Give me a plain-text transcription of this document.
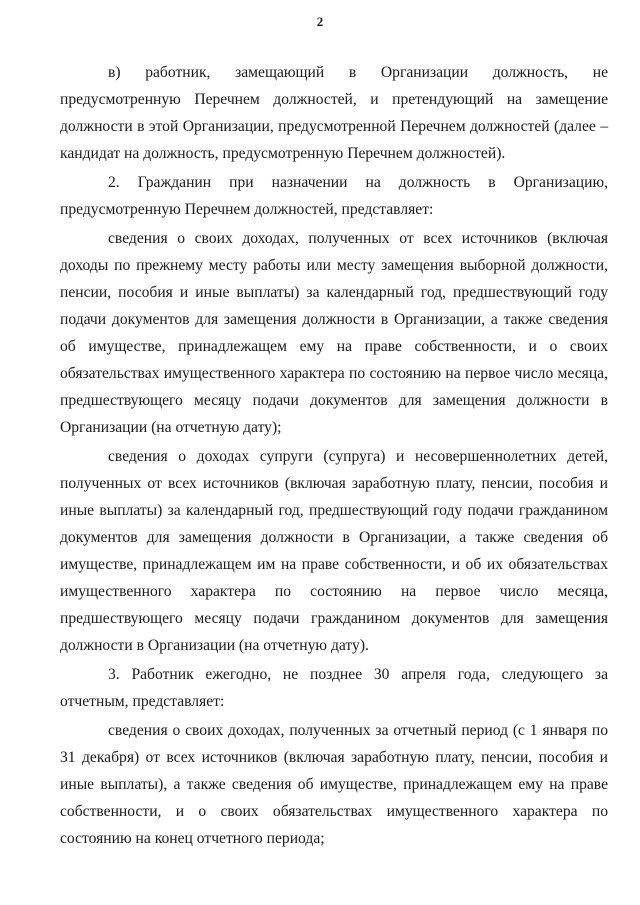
2

в) работник, замещающий в Организации должность, не предусмотренную Перечнем должностей, и претендующий на замещение должности в этой Организации, предусмотренной Перечнем должностей (далее – кандидат на должность, предусмотренную Перечнем должностей).

2. Гражданин при назначении на должность в Организацию, предусмотренную Перечнем должностей, представляет:

сведения о своих доходах, полученных от всех источников (включая доходы по прежнему месту работы или месту замещения выборной должности, пенсии, пособия и иные выплаты) за календарный год, предшествующий году подачи документов для замещения должности в Организации, а также сведения об имуществе, принадлежащем ему на праве собственности, и о своих обязательствах имущественного характера по состоянию на первое число месяца, предшествующего месяцу подачи документов для замещения должности в Организации (на отчетную дату);

сведения о доходах супруги (супруга) и несовершеннолетних детей, полученных от всех источников (включая заработную плату, пенсии, пособия и иные выплаты) за календарный год, предшествующий году подачи гражданином документов для замещения должности в Организации, а также сведения об имуществе, принадлежащем им на праве собственности, и об их обязательствах имущественного характера по состоянию на первое число месяца, предшествующего месяцу подачи гражданином документов для замещения должности в Организации (на отчетную дату).

3. Работник ежегодно, не позднее 30 апреля года, следующего за отчетным, представляет:

сведения о своих доходах, полученных за отчетный период (с 1 января по 31 декабря) от всех источников (включая заработную плату, пенсии, пособия и иные выплаты), а также сведения об имуществе, принадлежащем ему на праве собственности, и о своих обязательствах имущественного характера по состоянию на конец отчетного периода;
